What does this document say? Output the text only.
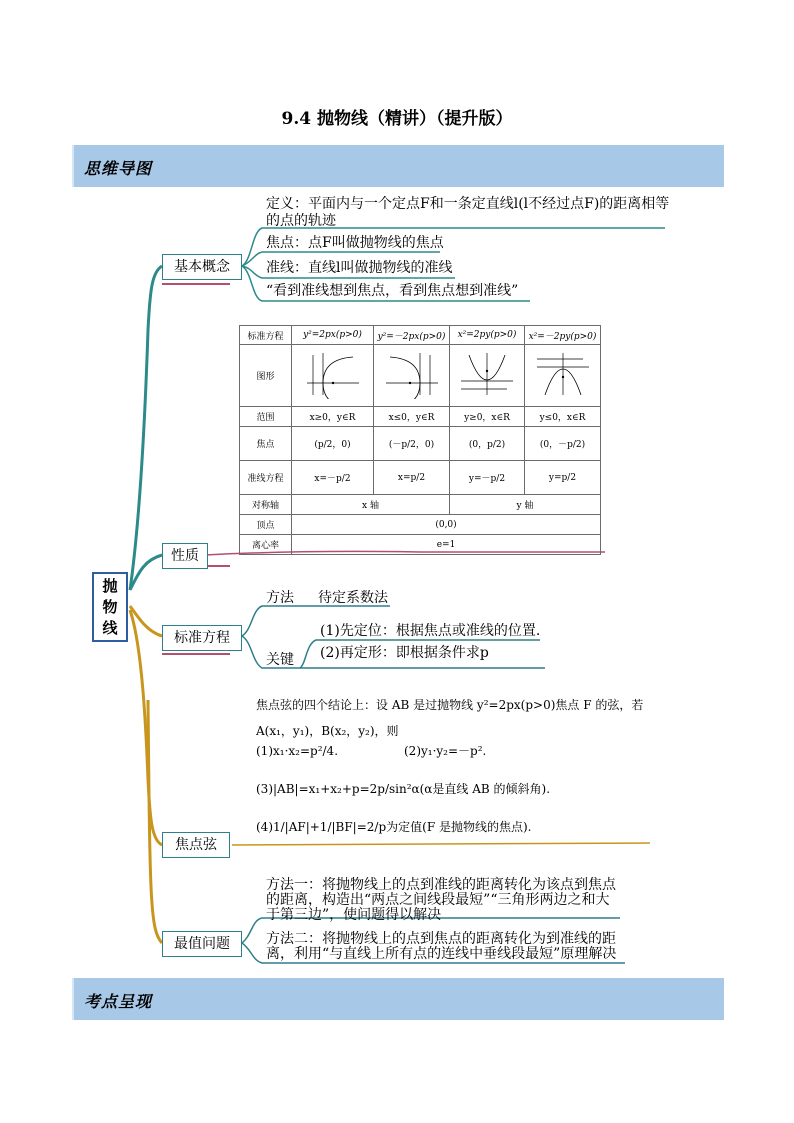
9.4 抛物线（精讲）（提升版）
思维导图
抛
物
线
基本概念
性质
标准方程
焦点弦
最值问题
定义：平面内与一个定点F和一条定直线l(l不经过点F)的距离相等的点的轨迹
焦点：点F叫做抛物线的焦点
准线：直线l叫做抛物线的准线
“看到准线想到焦点，看到焦点想到准线”
标准方程	y²=2px(p>0)	y²=－2px(p>0)	x²=2py(p>0)	x²=－2py(p>0)
图形				
范围	x≥0，y∈R	x≤0，y∈R	y≥0，x∈R	y≤0，x∈R
焦点	(p/2，0)	(－p/2，0)	(0，p/2)	(0，－p/2)
准线方程	x=－p/2	x=p/2	y=－p/2	y=p/2
对称轴	x 轴		y 轴	
顶点	(0,0)			
离心率	e=1			
方法 待定系数法
关键
(1)先定位：根据焦点或准线的位置.
(2)再定形：即根据条件求p
焦点弦的四个结论上：设 AB 是过抛物线 y²=2px(p>0)焦点 F 的弦，若 A(x₁，y₁)，B(x₂，y₂)，则
(1)x₁·x₂=p²/4.	(2)y₁·y₂=－p².
(3)|AB|=x₁+x₂+p=2p/sin²α(α是直线 AB 的倾斜角).
(4)1/|AF|+1/|BF|=2/p为定值(F 是抛物线的焦点).
方法一：将抛物线上的点到准线的距离转化为该点到焦点的距离，构造出“两点之间线段最短”“三角形两边之和大于第三边”，使问题得以解决
方法二：将抛物线上的点到焦点的距离转化为到准线的距离，利用“与直线上所有点的连线中垂线段最短”原理解决
考点呈现
